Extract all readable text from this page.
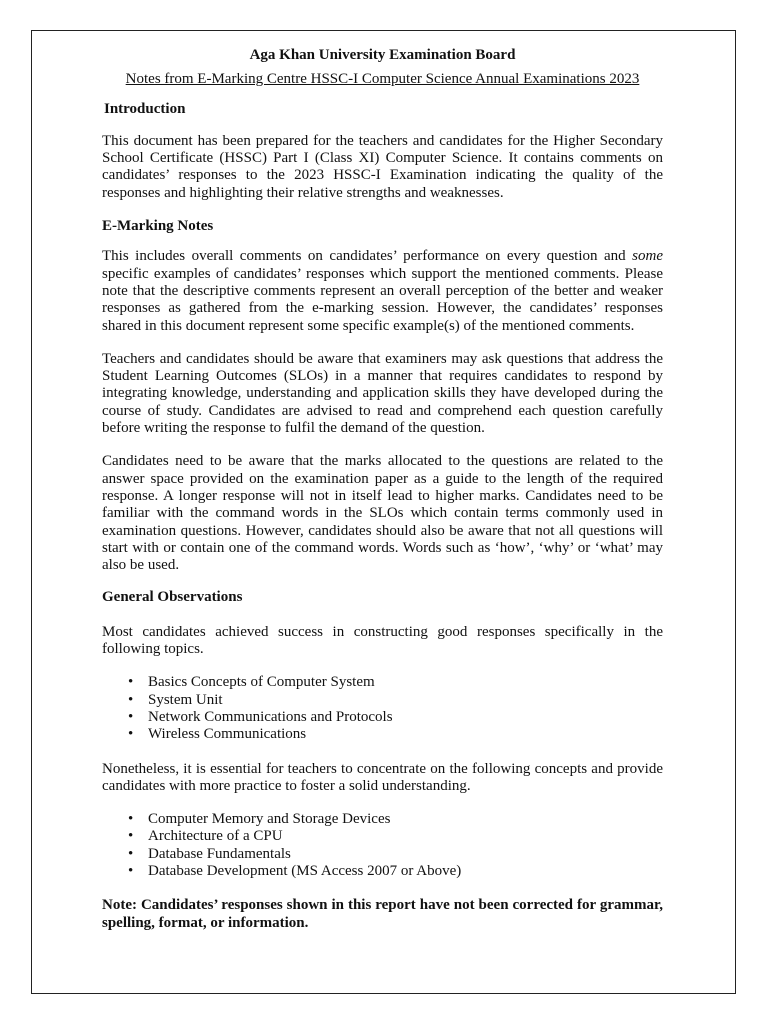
Aga Khan University Examination Board
Notes from E-Marking Centre HSSC-I Computer Science Annual Examinations 2023
Introduction

This document has been prepared for the teachers and candidates for the Higher Secondary School Certificate (HSSC) Part I (Class XI) Computer Science. It contains comments on candidates’ responses to the 2023 HSSC-I Examination indicating the quality of the responses and highlighting their relative strengths and weaknesses.

E-Marking Notes

This includes overall comments on candidates’ performance on every question and some specific examples of candidates’ responses which support the mentioned comments. Please note that the descriptive comments represent an overall perception of the better and weaker responses as gathered from the e-marking session. However, the candidates’ responses shared in this document represent some specific example(s) of the mentioned comments.

Teachers and candidates should be aware that examiners may ask questions that address the Student Learning Outcomes (SLOs) in a manner that requires candidates to respond by integrating knowledge, understanding and application skills they have developed during the course of study. Candidates are advised to read and comprehend each question carefully before writing the response to fulfil the demand of the question.

Candidates need to be aware that the marks allocated to the questions are related to the answer space provided on the examination paper as a guide to the length of the required response. A longer response will not in itself lead to higher marks. Candidates need to be familiar with the command words in the SLOs which contain terms commonly used in examination questions. However, candidates should also be aware that not all questions will start with or contain one of the command words. Words such as ‘how’, ‘why’ or ‘what’ may also be used.

General Observations

Most candidates achieved success in constructing good responses specifically in the following topics.

• Basics Concepts of Computer System
• System Unit
• Network Communications and Protocols
• Wireless Communications

Nonetheless, it is essential for teachers to concentrate on the following concepts and provide candidates with more practice to foster a solid understanding.

• Computer Memory and Storage Devices
• Architecture of a CPU
• Database Fundamentals
• Database Development (MS Access 2007 or Above)

Note: Candidates’ responses shown in this report have not been corrected for grammar, spelling, format, or information.
